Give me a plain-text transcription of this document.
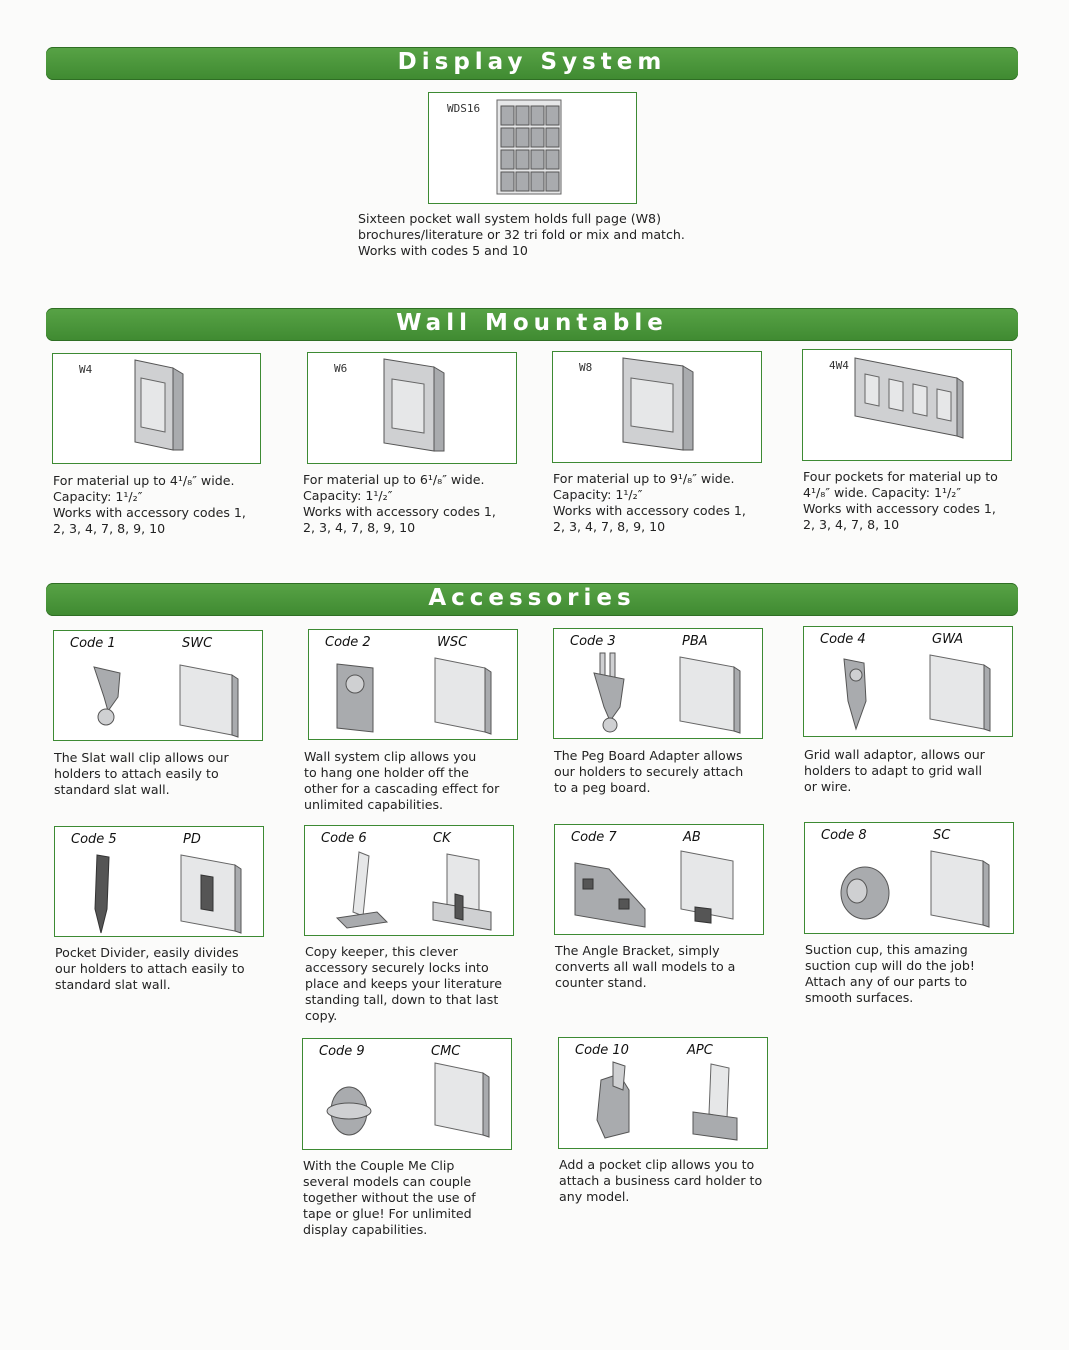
Display System
WDS16
Sixteen pocket wall system holds full page (W8)
brochures/literature or 32 tri fold or mix and match.
Works with codes 5 and 10
Wall Mountable
W4
For material up to 4¹/₈″ wide.
Capacity: 1¹/₂″
Works with accessory codes 1,
2, 3, 4, 7, 8, 9, 10
W6
For material up to 6¹/₈″ wide.
Capacity: 1¹/₂″
Works with accessory codes 1,
2, 3, 4, 7, 8, 9, 10
W8
For material up to 9¹/₈″ wide.
Capacity: 1¹/₂″
Works with accessory codes 1,
2, 3, 4, 7, 8, 9, 10
4W4
Four pockets for material up to
4¹/₈″ wide. Capacity: 1¹/₂″
Works with accessory codes 1,
2, 3, 4, 7, 8, 10
Accessories
Code 1	SWC
The Slat wall clip allows our
holders to attach easily to
standard slat wall.
Code 2	WSC
Wall system clip allows you
to hang one holder off the
other for a cascading effect for
unlimited capabilities.
Code 3	PBA
The Peg Board Adapter allows
our holders to securely attach
to a peg board.
Code 4	GWA
Grid wall adaptor, allows our
holders to adapt to grid wall
or wire.
Code 5	PD
Pocket Divider, easily divides
our holders to attach easily to
standard slat wall.
Code 6	CK
Copy keeper, this clever
accessory securely locks into
place and keeps your literature
standing tall, down to that last
copy.
Code 7	AB
The Angle Bracket, simply
converts all wall models to a
counter stand.
Code 8	SC
Suction cup, this amazing
suction cup will do the job!
Attach any of our parts to
smooth surfaces.
Code 9	CMC
With the Couple Me Clip
several models can couple
together without the use of
tape or glue! For unlimited
display capabilities.
Code 10	APC
Add a pocket clip allows you to
attach a business card holder to
any model.
